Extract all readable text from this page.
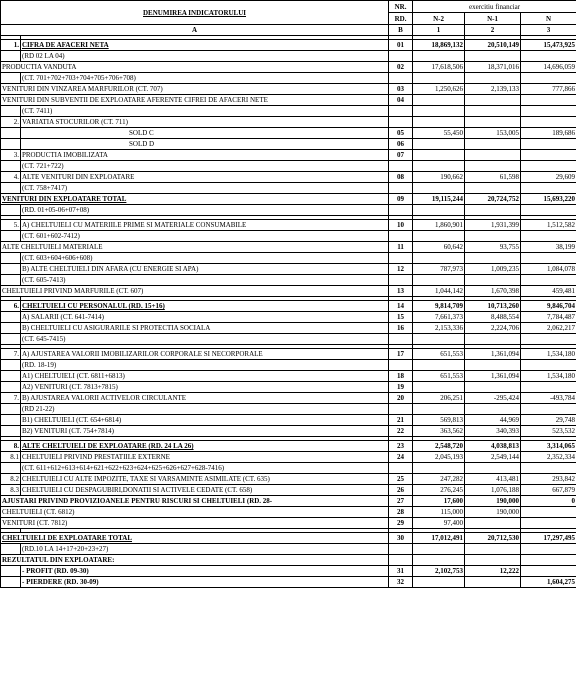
DENUMIREA INDICATORULUI		NR.	exercitiu financiar		
		RD.	N-2	N-1	N
A		B	1	2	3

1.	CIFRA DE AFACERI NETA	01	18,869,132	20,510,149	15,473,925
	(RD 02 LA 04)				
PRODUCTIA VANDUTA		02	17,618,506	18,371,016	14,696,059
	(CT. 701+702+703+704+705+706+708)				
VENITURI DIN VINZAREA MARFURILOR (CT. 707)		03	1,250,626	2,139,133	777,866
VENITURI DIN SUBVENTII DE EXPLOATARE AFERENTE CIFREI DE AFACERI NETE		04			
	(CT. 7411)				
2.	VARIATIA STOCURILOR (CT. 711)				
	SOLD C	05	55,450	153,005	189,686
	SOLD D	06			
3.	PRODUCTIA IMOBILIZATA	07			
	(CT. 721+722)				
4.	ALTE VENITURI DIN EXPLOATARE	08	190,662	61,598	29,609
	(CT. 758+7417)				
VENITURI DIN EXPLOATARE TOTAL		09	19,115,244	20,724,752	15,693,220
	(RD. 01+05-06+07+08)				

5.	A) CHELTUIELI CU MATERIILE PRIME SI MATERIALE CONSUMABILE	10	1,860,901	1,931,399	1,512,582
	(CT. 601+602-7412)				
ALTE CHELTUIELI MATERIALE		11	60,642	93,755	38,199
	(CT. 603+604+606+608)				
	B) ALTE CHELTUIELI DIN AFARA (CU ENERGIE SI APA)	12	787,973	1,009,235	1,084,078
	(CT. 605-7413)				
CHELTUIELI PRIVIND MARFURILE (CT. 607)		13	1,044,142	1,670,398	459,481

6.	CHELTUIELI CU PERSONALUL (RD. 15+16)	14	9,814,709	10,713,260	9,846,704
	A) SALARII (CT. 641-7414)	15	7,661,373	8,488,554	7,784,487
	B) CHELTUIELI CU ASIGURARILE SI PROTECTIA SOCIALA	16	2,153,336	2,224,706	2,062,217
	(CT. 645-7415)				

7.	A) AJUSTAREA VALORII IMOBILIZARILOR CORPORALE SI NECORPORALE	17	651,553	1,361,094	1,534,180
	(RD. 18-19)				
	A1) CHELTUIELI (CT. 6811+6813)	18	651,553	1,361,094	1,534,180
	A2) VENITURI (CT. 7813+7815)	19			
7.	B) AJUSTAREA VALORII ACTIVELOR CIRCULANTE	20	206,251	-295,424	-493,784
	(RD 21-22)				
	B1) CHELTUIELI (CT. 654+6814)	21	569,813	44,969	29,748
	B2) VENITURI (CT. 754+7814)	22	363,562	340,393	523,532

8.	ALTE CHELTUIELI DE EXPLOATARE (RD. 24 LA 26)	23	2,548,720	4,038,813	3,314,065
8.1	CHELTUIELI PRIVIND PRESTATIILE EXTERNE	24	2,045,193	2,549,144	2,352,334
	(CT. 611+612+613+614+621+622+623+624+625+626+627+628-7416)				
8.2	CHELTUIELI CU ALTE IMPOZITE, TAXE SI VARSAMINTE ASIMILATE (CT. 635)	25	247,282	413,481	293,842
8.3	CHELTUIELI CU DESPAGUBIRI,DONATII SI ACTIVELE CEDATE (CT. 658)	26	276,245	1,076,188	667,879
AJUSTARI PRIVIND PROVIZIOANELE PENTRU RISCURI SI CHELTUIELI (RD. 28-		27	17,600	190,000	0
CHELTUIELI (CT. 6812)		28	115,000	190,000	
VENITURI (CT. 7812)		29	97,400		

CHELTUIELI DE EXPLOATARE TOTAL		30	17,012,491	20,712,530	17,297,495
	(RD.10 LA 14+17+20+23+27)				
REZULTATUL DIN EXPLOATARE:					
	- PROFIT (RD. 09-30)	31	2,102,753	12,222	
	- PIERDERE (RD. 30-09)	32			1,604,275
